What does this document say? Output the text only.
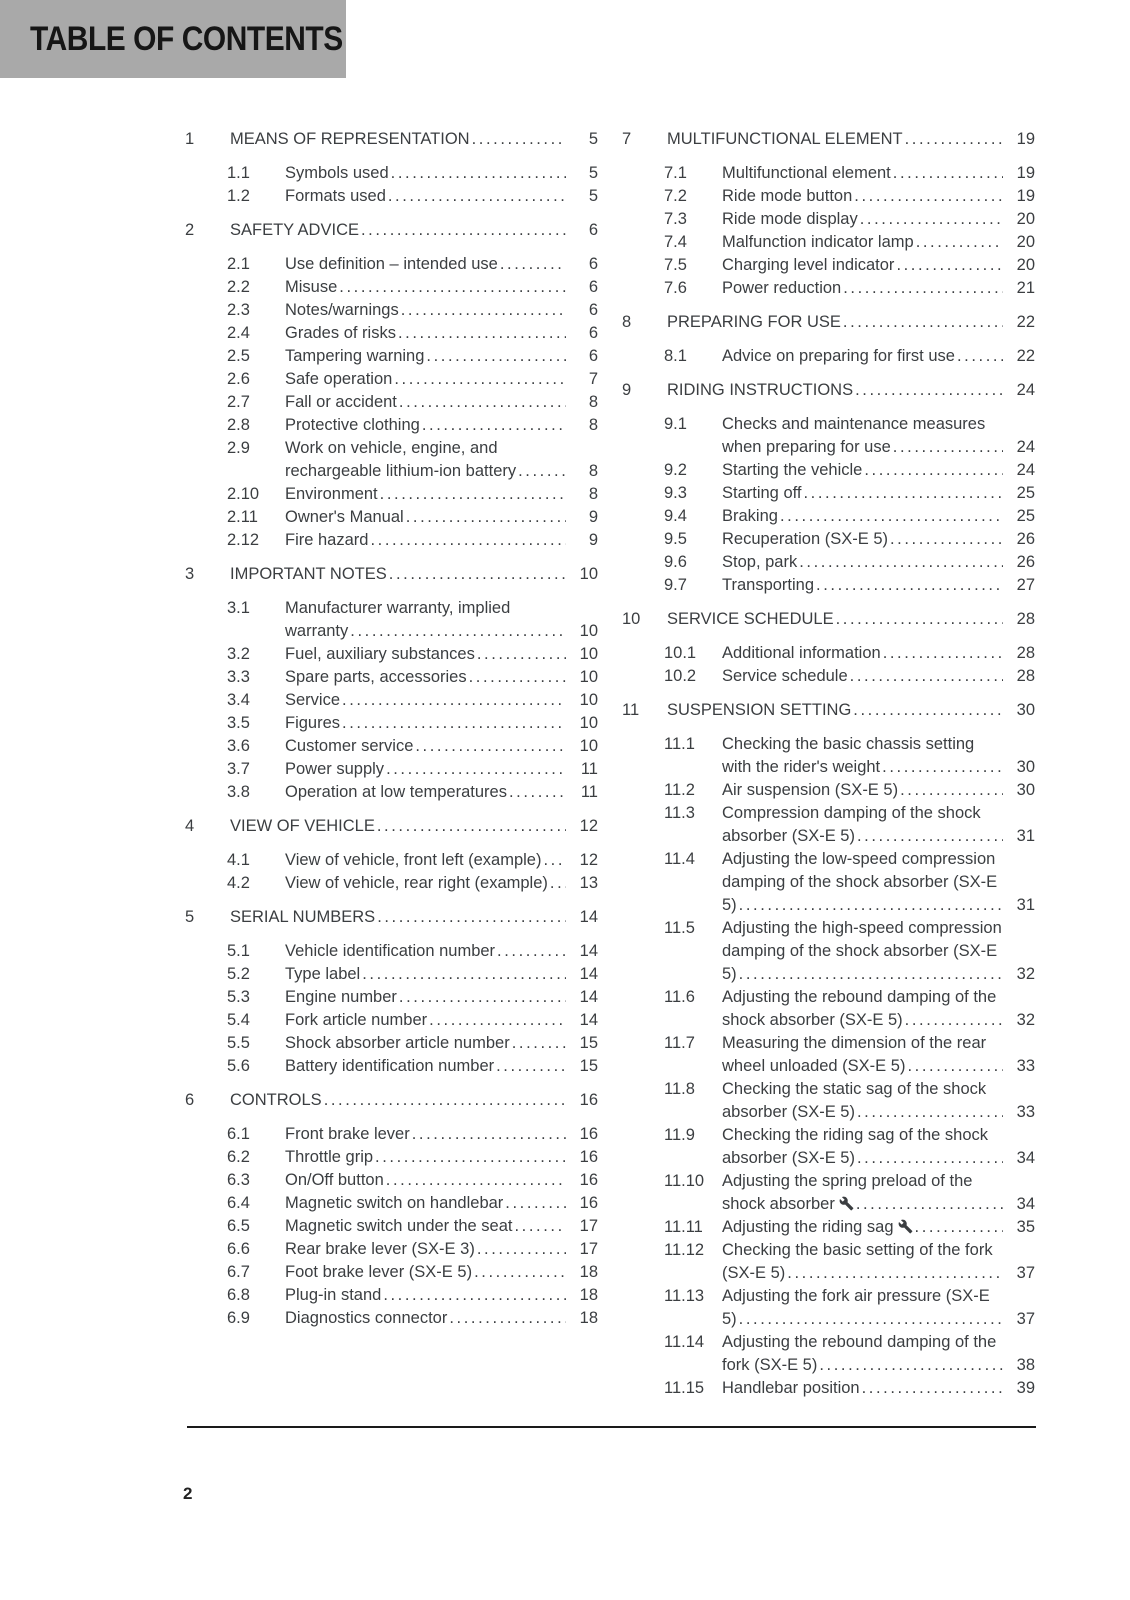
TABLE OF CONTENTS
1	MEANS OF REPRESENTATION	5
1.1	Symbols used	5
1.2	Formats used	5
2	SAFETY ADVICE	6
2.1	Use definition – intended use	6
2.2	Misuse	6
2.3	Notes/warnings	6
2.4	Grades of risks	6
2.5	Tampering warning	6
2.6	Safe operation	7
2.7	Fall or accident	8
2.8	Protective clothing	8
2.9	Work on vehicle, engine, and rechargeable lithium-ion battery	8
2.10	Environment	8
2.11	Owner's Manual	9
2.12	Fire hazard	9
3	IMPORTANT NOTES	10
3.1	Manufacturer warranty, implied warranty	10
3.2	Fuel, auxiliary substances	10
3.3	Spare parts, accessories	10
3.4	Service	10
3.5	Figures	10
3.6	Customer service	10
3.7	Power supply	11
3.8	Operation at low temperatures	11
4	VIEW OF VEHICLE	12
4.1	View of vehicle, front left (example)	12
4.2	View of vehicle, rear right (example)	13
5	SERIAL NUMBERS	14
5.1	Vehicle identification number	14
5.2	Type label	14
5.3	Engine number	14
5.4	Fork article number	14
5.5	Shock absorber article number	15
5.6	Battery identification number	15
6	CONTROLS	16
6.1	Front brake lever	16
6.2	Throttle grip	16
6.3	On/Off button	16
6.4	Magnetic switch on handlebar	16
6.5	Magnetic switch under the seat	17
6.6	Rear brake lever (SX-E 3)	17
6.7	Foot brake lever (SX-E 5)	18
6.8	Plug-in stand	18
6.9	Diagnostics connector	18
7	MULTIFUNCTIONAL ELEMENT	19
7.1	Multifunctional element	19
7.2	Ride mode button	19
7.3	Ride mode display	20
7.4	Malfunction indicator lamp	20
7.5	Charging level indicator	20
7.6	Power reduction	21
8	PREPARING FOR USE	22
8.1	Advice on preparing for first use	22
9	RIDING INSTRUCTIONS	24
9.1	Checks and maintenance measures when preparing for use	24
9.2	Starting the vehicle	24
9.3	Starting off	25
9.4	Braking	25
9.5	Recuperation (SX-E 5)	26
9.6	Stop, park	26
9.7	Transporting	27
10	SERVICE SCHEDULE	28
10.1	Additional information	28
10.2	Service schedule	28
11	SUSPENSION SETTING	30
11.1	Checking the basic chassis setting with the rider's weight	30
11.2	Air suspension (SX-E 5)	30
11.3	Compression damping of the shock absorber (SX-E 5)	31
11.4	Adjusting the low-speed compression damping of the shock absorber (SX-E 5)	31
11.5	Adjusting the high-speed compression damping of the shock absorber (SX-E 5)	32
11.6	Adjusting the rebound damping of the shock absorber (SX-E 5)	32
11.7	Measuring the dimension of the rear wheel unloaded (SX-E 5)	33
11.8	Checking the static sag of the shock absorber (SX-E 5)	33
11.9	Checking the riding sag of the shock absorber (SX-E 5)	34
11.10	Adjusting the spring preload of the shock absorber	34
11.11	Adjusting the riding sag	35
11.12	Checking the basic setting of the fork (SX-E 5)	37
11.13	Adjusting the fork air pressure (SX-E 5)	37
11.14	Adjusting the rebound damping of the fork (SX-E 5)	38
11.15	Handlebar position	39
2
